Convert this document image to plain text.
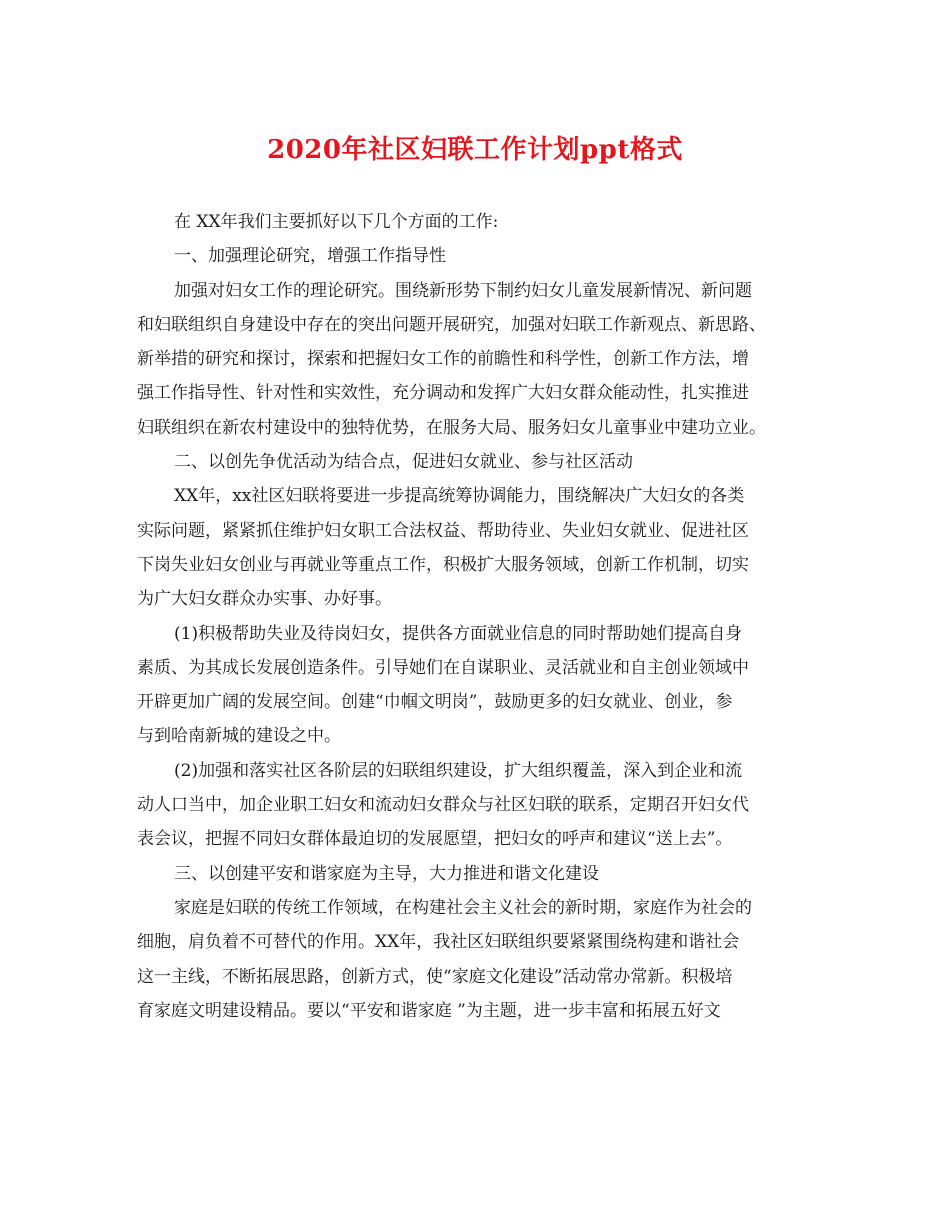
2020年社区妇联工作计划ppt格式

在 XX年我们主要抓好以下几个方面的工作:

一、加强理论研究，增强工作指导性

加强对妇女工作的理论研究。围绕新形势下制约妇女儿童发展新情况、新问题

和妇联组织自身建设中存在的突出问题开展研究，加强对妇联工作新观点、新思路、

新举措的研究和探讨，探索和把握妇女工作的前瞻性和科学性，创新工作方法，增

强工作指导性、针对性和实效性，充分调动和发挥广大妇女群众能动性，扎实推进

妇联组织在新农村建设中的独特优势，在服务大局、服务妇女儿童事业中建功立业。

二、以创先争优活动为结合点，促进妇女就业、参与社区活动

XX年，xx社区妇联将要进一步提高统筹协调能力，围绕解决广大妇女的各类

实际问题，紧紧抓住维护妇女职工合法权益、帮助待业、失业妇女就业、促进社区

下岗失业妇女创业与再就业等重点工作，积极扩大服务领域，创新工作机制，切实

为广大妇女群众办实事、办好事。

(1)积极帮助失业及待岗妇女，提供各方面就业信息的同时帮助她们提高自身

素质、为其成长发展创造条件。引导她们在自谋职业、灵活就业和自主创业领域中

开辟更加广阔的发展空间。创建“巾帼文明岗”，鼓励更多的妇女就业、创业，参

与到哈南新城的建设之中。

(2)加强和落实社区各阶层的妇联组织建设，扩大组织覆盖，深入到企业和流

动人口当中，加企业职工妇女和流动妇女群众与社区妇联的联系，定期召开妇女代

表会议，把握不同妇女群体最迫切的发展愿望，把妇女的呼声和建议“送上去”。

三、以创建平安和谐家庭为主导，大力推进和谐文化建设

家庭是妇联的传统工作领域，在构建社会主义社会的新时期，家庭作为社会的

细胞，肩负着不可替代的作用。XX年，我社区妇联组织要紧紧围绕构建和谐社会

这一主线，不断拓展思路，创新方式，使“家庭文化建设”活动常办常新。积极培

育家庭文明建设精品。要以“平安和谐家庭 ”为主题，进一步丰富和拓展五好文
